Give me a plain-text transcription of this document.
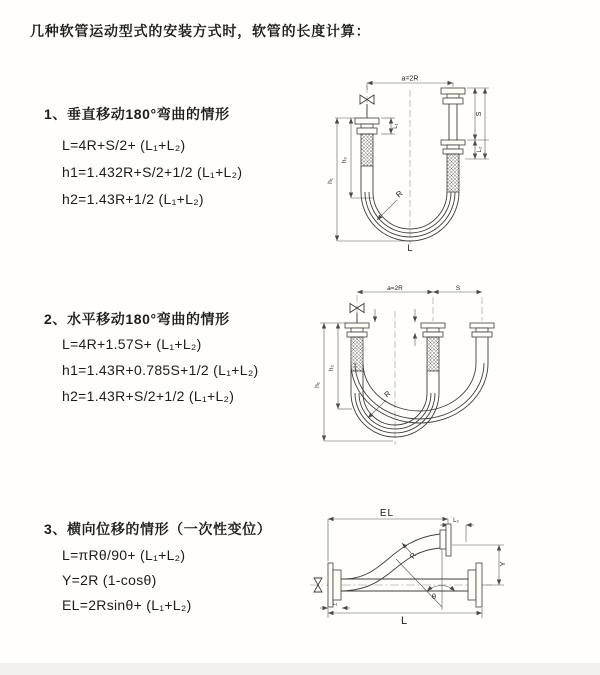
几种软管运动型式的安装方式时，软管的长度计算：
1、垂直移动180°弯曲的情形
L=4R+S/2+ (L₁+L₂)
h1=1.432R+S/2+1/2 (L₁+L₂)
h2=1.43R+1/2 (L₁+L₂)
a=2R
S
L₂
L₁
h₂
h₁
R
L
2、水平移动180°弯曲的情形
L=4R+1.57S+ (L₁+L₂)
h1=1.43R+0.785S+1/2 (L₁+L₂)
h2=1.43R+S/2+1/2 (L₁+L₂)
a=2R	S
h₂
h₁
R
3、横向位移的情形（一次性变位）
L=πRθ/90+ (L₁+L₂)
Y=2R (1-cosθ)
EL=2Rsinθ+ (L₁+L₂)
EL
L₂
Y
R
θ
L
L₁
